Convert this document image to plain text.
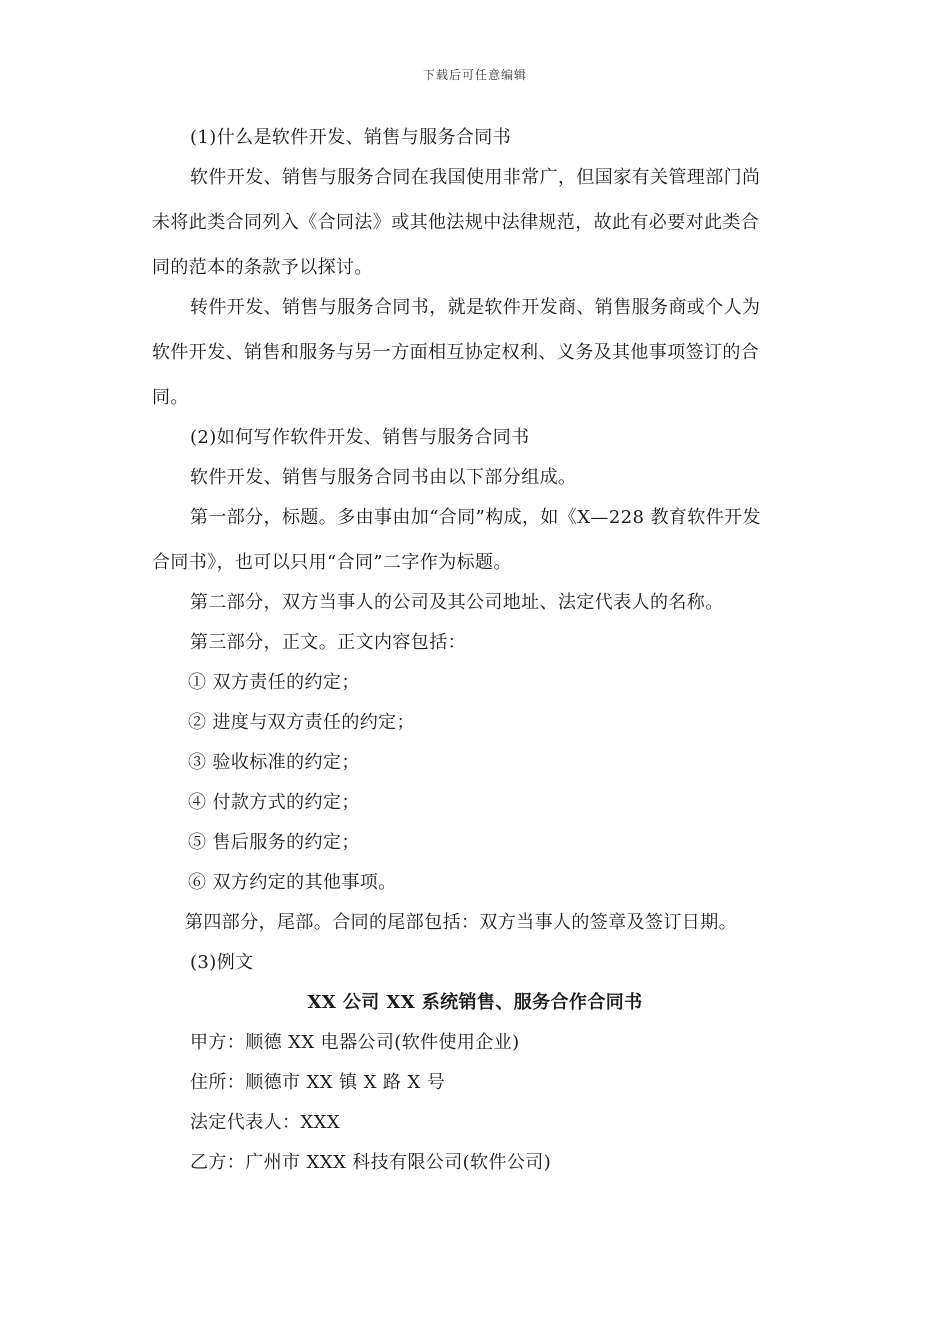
下载后可任意编辑
(1)什么是软件开发、销售与服务合同书
软件开发、销售与服务合同在我国使用非常广，但国家有关管理部门尚
未将此类合同列入《合同法》或其他法规中法律规范，故此有必要对此类合
同的范本的条款予以探讨。
转件开发、销售与服务合同书，就是软件开发商、销售服务商或个人为
软件开发、销售和服务与另一方面相互协定权利、义务及其他事项签订的合
同。
(2)如何写作软件开发、销售与服务合同书
软件开发、销售与服务合同书由以下部分组成。
第一部分，标题。多由事由加“合同”构成，如《X—228 教育软件开发
合同书》，也可以只用“合同”二字作为标题。
第二部分，双方当事人的公司及其公司地址、法定代表人的名称。
第三部分，正文。正文内容包括：
① 双方责任的约定；
② 进度与双方责任的约定；
③ 验收标准的约定；
④ 付款方式的约定；
⑤ 售后服务的约定；
⑥ 双方约定的其他事项。
第四部分，尾部。合同的尾部包括：双方当事人的签章及签订日期。
(3)例文
XX 公司 XX 系统销售、服务合作合同书
甲方：顺德 XX 电器公司(软件使用企业)
住所：顺德市 XX 镇 X 路 X 号
法定代表人：XXX
乙方：广州市 XXX 科技有限公司(软件公司)
